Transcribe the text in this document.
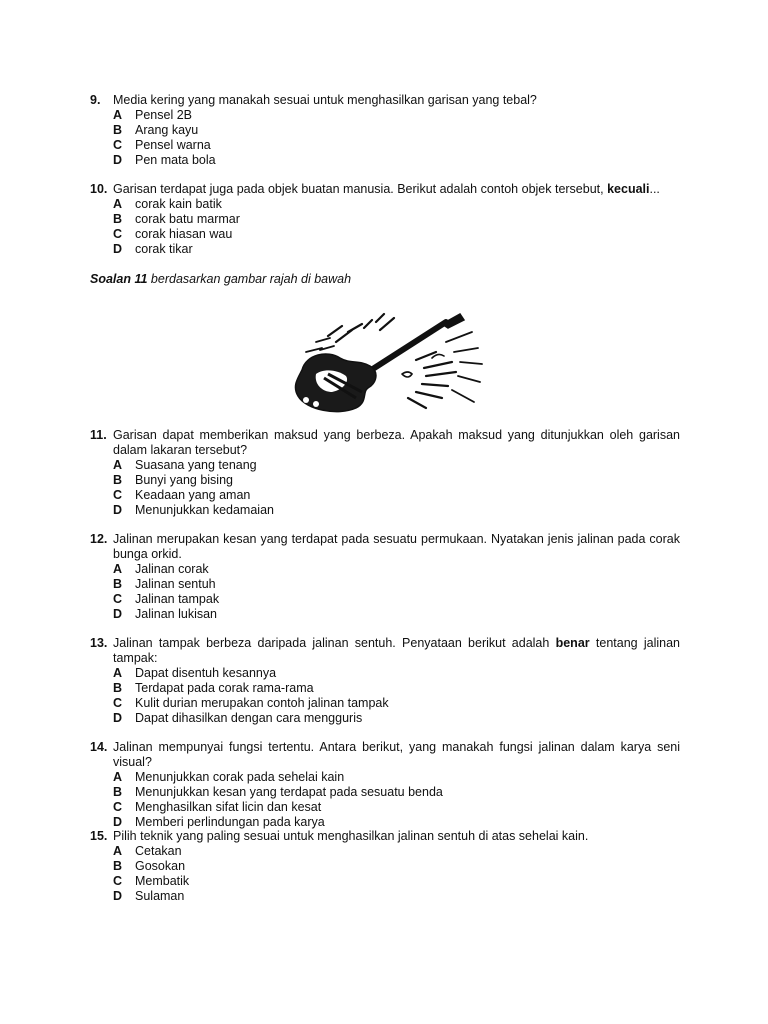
9.	Media kering yang manakah sesuai untuk menghasilkan garisan yang tebal?
A	Pensel 2B
B	Arang kayu
C	Pensel warna
D	Pen mata bola
10. Garisan terdapat juga pada objek buatan manusia. Berikut adalah contoh objek tersebut, kecuali...
A	corak kain batik
B	corak batu marmar
C	corak hiasan wau
D	corak tikar
Soalan 11 berdasarkan gambar rajah di bawah
11. Garisan dapat memberikan maksud yang berbeza. Apakah maksud yang ditunjukkan oleh garisan dalam lakaran tersebut?
A	Suasana yang tenang
B	Bunyi yang bising
C	Keadaan yang aman
D	Menunjukkan kedamaian
12. Jalinan merupakan kesan yang terdapat pada sesuatu permukaan. Nyatakan jenis jalinan pada corak bunga orkid.
A	Jalinan corak
B	Jalinan sentuh
C	Jalinan tampak
D	Jalinan lukisan
13. Jalinan tampak berbeza daripada jalinan sentuh. Penyataan berikut adalah benar tentang jalinan tampak:
A	Dapat disentuh kesannya
B	Terdapat pada corak rama-rama
C	Kulit durian merupakan contoh jalinan tampak
D	Dapat dihasilkan dengan cara mengguris
14. Jalinan mempunyai fungsi tertentu. Antara berikut, yang manakah fungsi jalinan dalam karya seni visual?
A	Menunjukkan corak pada sehelai kain
B	Menunjukkan kesan yang terdapat pada sesuatu benda
C	Menghasilkan sifat licin dan kesat
D	Memberi perlindungan pada karya
15. Pilih teknik yang paling sesuai untuk menghasilkan jalinan sentuh di atas sehelai kain.
A	Cetakan
B	Gosokan
C	Membatik
D	Sulaman
